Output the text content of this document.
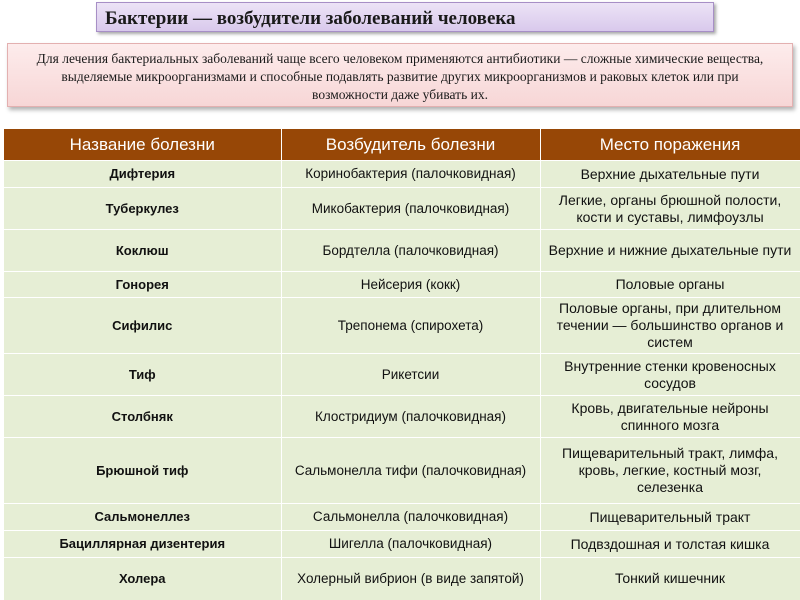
Бактерии — возбудители заболеваний человека
Для лечения бактериальных заболеваний чаще всего человеком применяются антибиотики — сложные химические вещества, выделяемые микроорганизмами и способные подавлять развитие других микроорганизмов и раковых клеток или при возможности даже убивать их.
Название болезни	Возбудитель болезни	Место поражения
Дифтерия	Коринобактерия (палочковидная)	Верхние дыхательные пути
Туберкулез	Микобактерия (палочковидная)	Легкие, органы брюшной полости, кости и суставы, лимфоузлы
Коклюш	Бордтелла (палочковидная)	Верхние и нижние дыхательные пути
Гонорея	Нейсерия (кокк)	Половые органы
Сифилис	Трепонема (спирохета)	Половые органы, при длительном течении — большинство органов и систем
Тиф	Рикетсии	Внутренние стенки кровеносных сосудов
Столбняк	Клостридиум (палочковидная)	Кровь, двигательные нейроны спинного мозга
Брюшной тиф	Сальмонелла тифи (палочковидная)	Пищеварительный тракт, лимфа, кровь, легкие, костный мозг, селезенка
Сальмонеллез	Сальмонелла (палочковидная)	Пищеварительный тракт
Бациллярная дизентерия	Шигелла (палочковидная)	Подвздошная и толстая кишка
Холера	Холерный вибрион (в виде запятой)	Тонкий кишечник
